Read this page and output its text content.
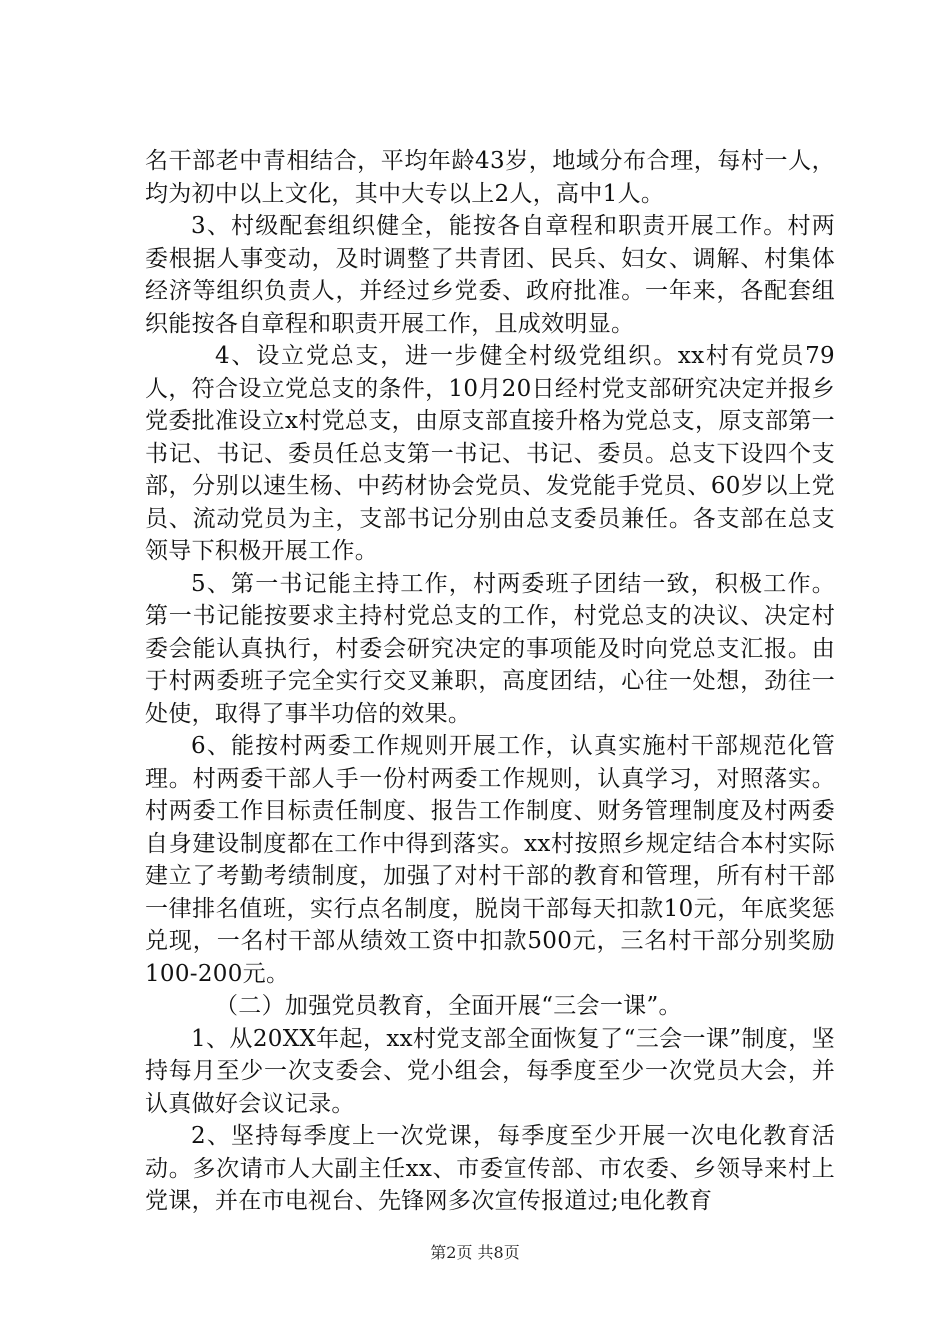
名干部老中青相结合，平均年龄43岁，地域分布合理，每村一人，均为初中以上文化，其中大专以上2人，高中1人。

3、村级配套组织健全，能按各自章程和职责开展工作。村两委根据人事变动，及时调整了共青团、民兵、妇女、调解、村集体经济等组织负责人，并经过乡党委、政府批准。一年来，各配套组织能按各自章程和职责开展工作，且成效明显。

4、设立党总支，进一步健全村级党组织。xx村有党员79人，符合设立党总支的条件，10月20日经村党支部研究决定并报乡党委批准设立x村党总支，由原支部直接升格为党总支，原支部第一书记、书记、委员任总支第一书记、书记、委员。总支下设四个支部，分别以速生杨、中药材协会党员、发党能手党员、60岁以上党员、流动党员为主，支部书记分别由总支委员兼任。各支部在总支领导下积极开展工作。

5、第一书记能主持工作，村两委班子团结一致，积极工作。第一书记能按要求主持村党总支的工作，村党总支的决议、决定村委会能认真执行，村委会研究决定的事项能及时向党总支汇报。由于村两委班子完全实行交叉兼职，高度团结，心往一处想，劲往一处使，取得了事半功倍的效果。

6、能按村两委工作规则开展工作，认真实施村干部规范化管理。村两委干部人手一份村两委工作规则，认真学习，对照落实。村两委工作目标责任制度、报告工作制度、财务管理制度及村两委自身建设制度都在工作中得到落实。xx村按照乡规定结合本村实际建立了考勤考绩制度，加强了对村干部的教育和管理，所有村干部一律排名值班，实行点名制度，脱岗干部每天扣款10元，年底奖惩兑现，一名村干部从绩效工资中扣款500元，三名村干部分别奖励100-200元。

（二）加强党员教育，全面开展“三会一课”。

1、从20XX年起，xx村党支部全面恢复了“三会一课”制度，坚持每月至少一次支委会、党小组会，每季度至少一次党员大会，并认真做好会议记录。

2、坚持每季度上一次党课，每季度至少开展一次电化教育活动。多次请市人大副主任xx、市委宣传部、市农委、乡领导来村上党课，并在市电视台、先锋网多次宣传报道过;电化教育

第2页 共8页
